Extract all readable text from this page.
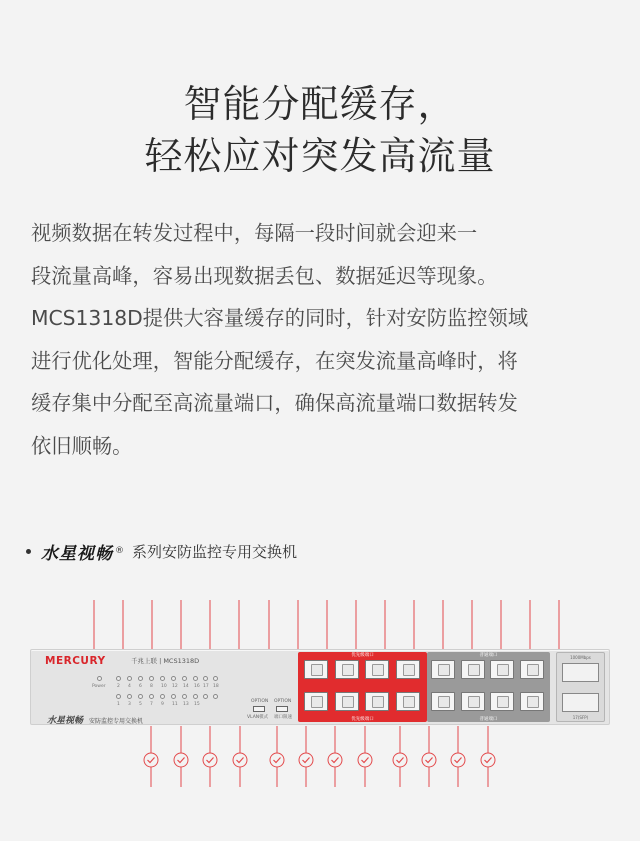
智能分配缓存，
轻松应对突发高流量

视频数据在转发过程中，每隔一段时间就会迎来一

段流量高峰，容易出现数据丢包、数据延迟等现象。

MCS1318D提供大容量缓存的同时，针对安防监控领域

进行优化处理，智能分配缓存，在突发流量高峰时，将

缓存集中分配至高流量端口，确保高流量端口数据转发

依旧顺畅。

水星视畅 ® 系列安防监控专用交换机
MERCURY	千兆上联 | MCS1318D
水星视畅 安防监控专用交换机
Power	2 4 6 8 10 12 14 16
1 3 5 7 9 11 13 15
17 18
OPTION
VLAN模式
OPTION
端口限速
优先级端口
优先级端口
普通端口
普通端口
1000Mbps
17(SFP)
